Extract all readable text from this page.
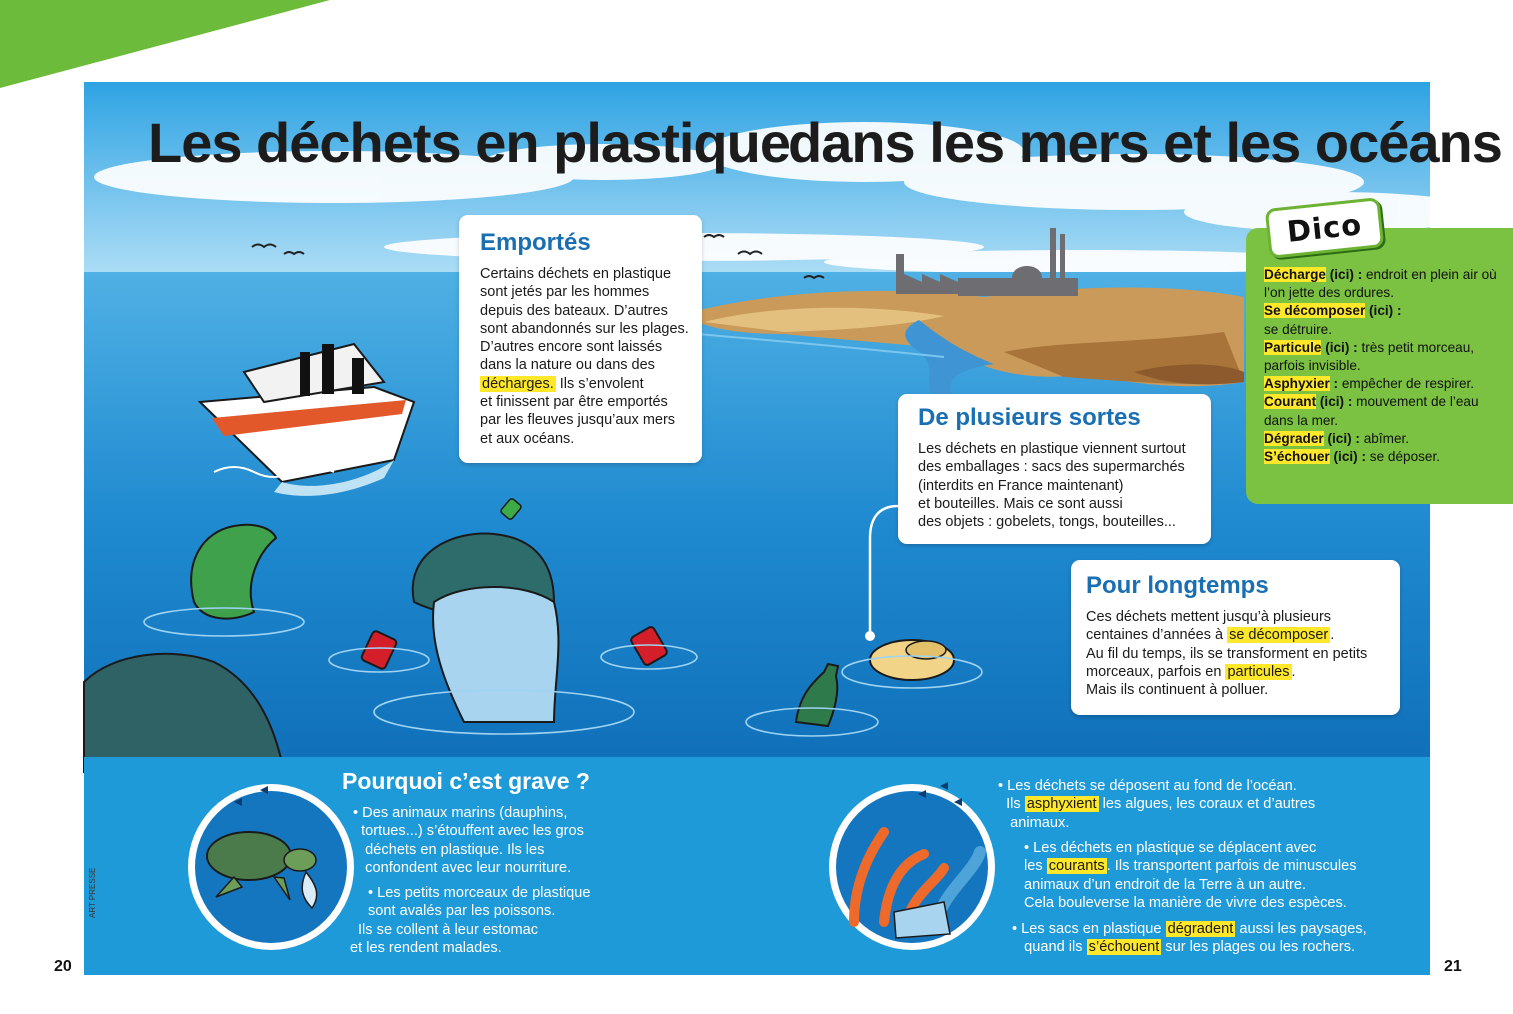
Les déchets en plastique
dans les mers et les océans
Emportés

Certains déchets en plastique
sont jetés par les hommes
depuis des bateaux. D’autres
sont abandonnés sur les plages.
D’autres encore sont laissés
dans la nature ou dans des
décharges. Ils s’envolent
et finissent par être emportés
par les fleuves jusqu’aux mers
et aux océans.

De plusieurs sortes

Les déchets en plastique viennent surtout
des emballages : sacs des supermarchés
(interdits en France maintenant)
et bouteilles. Mais ce sont aussi
des objets : gobelets, tongs, bouteilles...

Pour longtemps

Ces déchets mettent jusqu’à plusieurs
centaines d’années à se décomposer .
Au fil du temps, ils se transforment en petits
morceaux, parfois en particules .
Mais ils continuent à polluer.

Pourquoi c’est grave ?
• Des animaux marins (dauphins,
tortues...) s’étouffent avec les gros
déchets en plastique. Ils les
confondent avec leur nourriture.
• Les petits morceaux de plastique
sont avalés par les poissons.
Ils se collent à leur estomac
et les rendent malades.
• Les déchets se déposent au fond de l’océan.
Ils asphyxient les algues, les coraux et d’autres
animaux.
• Les déchets en plastique se déplacent avec
les courants . Ils transportent parfois de minuscules
animaux d’un endroit de la Terre à un autre.
Cela bouleverse la manière de vivre des espèces.
• Les sacs en plastique dégradent aussi les paysages,
quand ils s’échouent sur les plages ou les rochers.
Décharge (ici) : endroit en plein air où l’on jette des ordures.
Se décomposer (ici) :
se détruire.
Particule (ici) : très petit morceau, parfois invisible.
Asphyxier : empêcher de respirer.
Courant (ici) : mouvement de l’eau dans la mer.
Dégrader (ici) : abîmer.
S’échouer (ici) : se déposer.
Dico
20	21
ART PRESSE
